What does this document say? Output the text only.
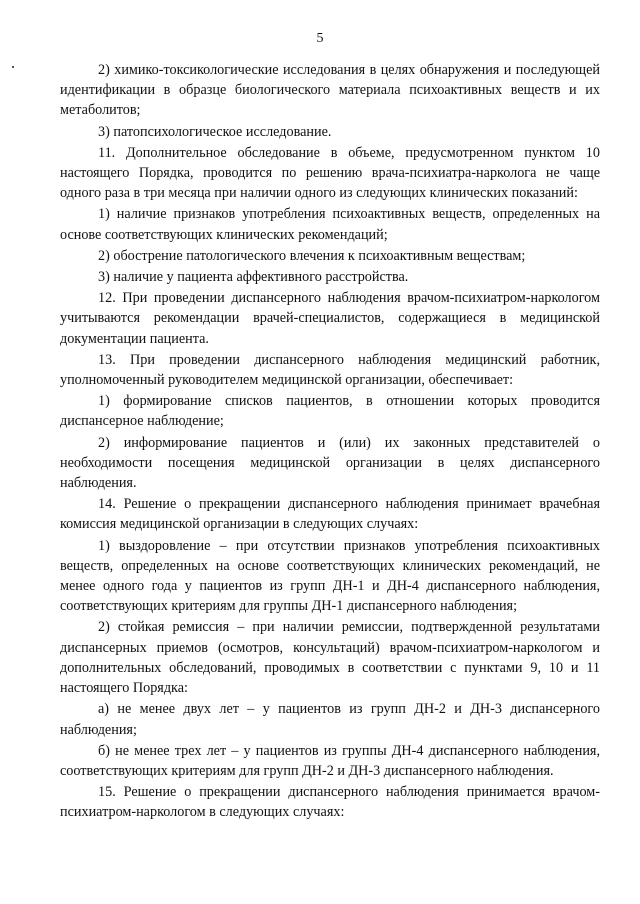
5

2) химико-токсикологические исследования в целях обнаружения и последующей идентификации в образце биологического материала психоактивных веществ и их метаболитов;

3) патопсихологическое исследование.

11. Дополнительное обследование в объеме, предусмотренном пунктом 10 настоящего Порядка, проводится по решению врача-психиатра-нарколога не чаще одного раза в три месяца при наличии одного из следующих клинических показаний:

1) наличие признаков употребления психоактивных веществ, определенных на основе соответствующих клинических рекомендаций;

2) обострение патологического влечения к психоактивным веществам;

3) наличие у пациента аффективного расстройства.

12. При проведении диспансерного наблюдения врачом-психиатром-наркологом учитываются рекомендации врачей-специалистов, содержащиеся в медицинской документации пациента.

13. При проведении диспансерного наблюдения медицинский работник, уполномоченный руководителем медицинской организации, обеспечивает:

1) формирование списков пациентов, в отношении которых проводится диспансерное наблюдение;

2) информирование пациентов и (или) их законных представителей о необходимости посещения медицинской организации в целях диспансерного наблюдения.

14. Решение о прекращении диспансерного наблюдения принимает врачебная комиссия медицинской организации в следующих случаях:

1) выздоровление – при отсутствии признаков употребления психоактивных веществ, определенных на основе соответствующих клинических рекомендаций, не менее одного года у пациентов из групп ДН-1 и ДН-4 диспансерного наблюдения, соответствующих критериям для группы ДН-1 диспансерного наблюдения;

2) стойкая ремиссия – при наличии ремиссии, подтвержденной результатами диспансерных приемов (осмотров, консультаций) врачом-психиатром-наркологом и дополнительных обследований, проводимых в соответствии с пунктами 9, 10 и 11 настоящего Порядка:

а) не менее двух лет – у пациентов из групп ДН-2 и ДН-3 диспансерного наблюдения;

б) не менее трех лет – у пациентов из группы ДН-4 диспансерного наблюдения, соответствующих критериям для групп ДН-2 и ДН-3 диспансерного наблюдения.

15. Решение о прекращении диспансерного наблюдения принимается врачом-психиатром-наркологом в следующих случаях:
